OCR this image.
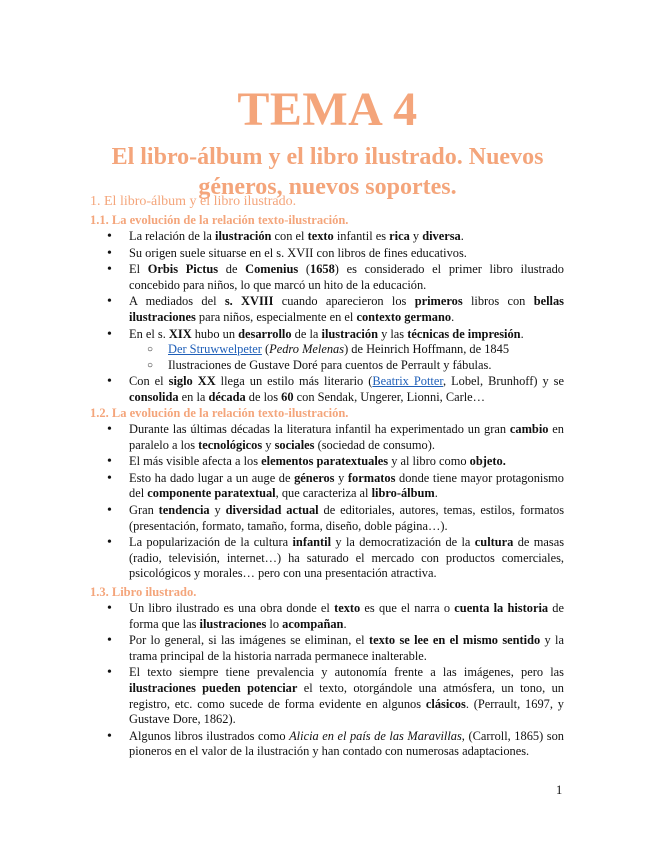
TEMA 4
El libro-álbum y el libro ilustrado. Nuevos géneros, nuevos soportes.
1. El libro-álbum y el libro ilustrado.
1.1. La evolución de la relación texto-ilustración.
• La relación de la ilustración con el texto infantil es rica y diversa.
• Su origen suele situarse en el s. XVII con libros de fines educativos.
• El Orbis Pictus de Comenius (1658) es considerado el primer libro ilustrado concebido para niños, lo que marcó un hito de la educación.
• A mediados del s. XVIII cuando aparecieron los primeros libros con bellas ilustraciones para niños, especialmente en el contexto germano.
• En el s. XIX hubo un desarrollo de la ilustración y las técnicas de impresión.
○ Der Struwwelpeter (Pedro Melenas) de Heinrich Hoffmann, de 1845
○ Ilustraciones de Gustave Doré para cuentos de Perrault y fábulas.
• Con el siglo XX llega un estilo más literario (Beatrix Potter, Lobel, Brunhoff) y se consolida en la década de los 60 con Sendak, Ungerer, Lionni, Carle…
1.2. La evolución de la relación texto-ilustración.
• Durante las últimas décadas la literatura infantil ha experimentado un gran cambio en paralelo a los tecnológicos y sociales (sociedad de consumo).
• El más visible afecta a los elementos paratextuales y al libro como objeto.
• Esto ha dado lugar a un auge de géneros y formatos donde tiene mayor protagonismo del componente paratextual, que caracteriza al libro-álbum.
• Gran tendencia y diversidad actual de editoriales, autores, temas, estilos, formatos (presentación, formato, tamaño, forma, diseño, doble página…).
• La popularización de la cultura infantil y la democratización de la cultura de masas (radio, televisión, internet…) ha saturado el mercado con productos comerciales, psicológicos y morales… pero con una presentación atractiva.
1.3. Libro ilustrado.
• Un libro ilustrado es una obra donde el texto es que el narra o cuenta la historia de forma que las ilustraciones lo acompañan.
• Por lo general, si las imágenes se eliminan, el texto se lee en el mismo sentido y la trama principal de la historia narrada permanece inalterable.
• El texto siempre tiene prevalencia y autonomía frente a las imágenes, pero las ilustraciones pueden potenciar el texto, otorgándole una atmósfera, un tono, un registro, etc. como sucede de forma evidente en algunos clásicos. (Perrault, 1697, y Gustave Dore, 1862).
• Algunos libros ilustrados como Alicia en el país de las Maravillas, (Carroll, 1865) son pioneros en el valor de la ilustración y han contado con numerosas adaptaciones.
1
